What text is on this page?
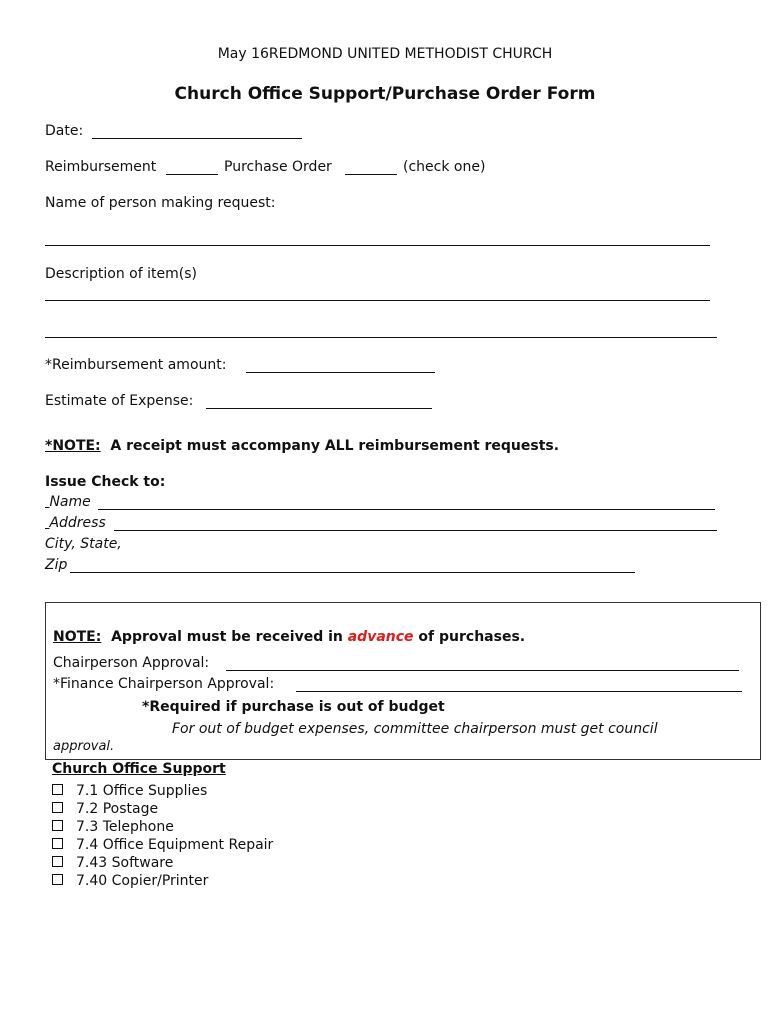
May 16REDMOND UNITED METHODIST CHURCH
Church Office Support/Purchase Order Form
Date:
Reimbursement	Purchase Order	(check one)
Name of person making request:
Description of item(s)
*Reimbursement amount:
Estimate of Expense:
*NOTE: A receipt must accompany ALL reimbursement requests.
Issue Check to:
Name
Address
City, State,
Zip
NOTE: Approval must be received in advance of purchases.
Chairperson Approval:
*Finance Chairperson Approval:
*Required if purchase is out of budget
For out of budget expenses, committee chairperson must get council
approval.
Church Office Support
7.1 Office Supplies
7.2 Postage
7.3 Telephone
7.4 Office Equipment Repair
7.43 Software
7.40 Copier/Printer
